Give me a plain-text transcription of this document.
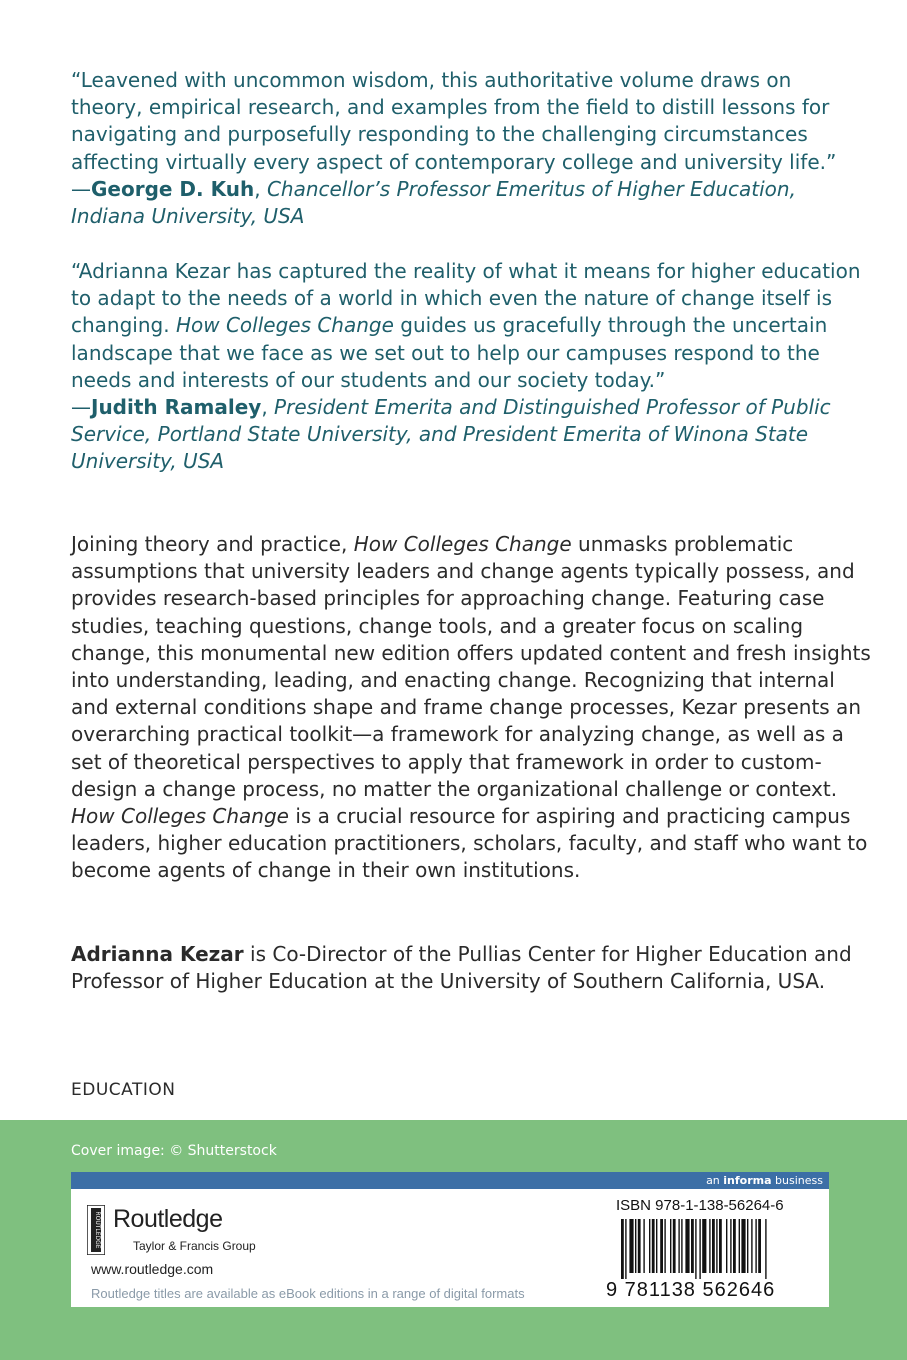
“Leavened with uncommon wisdom, this authoritative volume draws on theory, empirical research, and examples from the field to distill lessons for navigating and purposefully responding to the challenging circumstances affecting virtually every aspect of contemporary college and university life.”
—George D. Kuh, Chancellor’s Professor Emeritus of Higher Education, Indiana University, USA
“Adrianna Kezar has captured the reality of what it means for higher education to adapt to the needs of a world in which even the nature of change itself is changing. How Colleges Change guides us gracefully through the uncertain landscape that we face as we set out to help our campuses respond to the needs and interests of our students and our society today.”
—Judith Ramaley, President Emerita and Distinguished Professor of Public Service, Portland State University, and President Emerita of Winona State University, USA
Joining theory and practice, How Colleges Change unmasks problematic assumptions that university leaders and change agents typically possess, and provides research-based principles for approaching change. Featuring case studies, teaching questions, change tools, and a greater focus on scaling change, this monumental new edition offers updated content and fresh insights into understanding, leading, and enacting change. Recognizing that internal and external conditions shape and frame change processes, Kezar presents an overarching practical toolkit—a framework for analyzing change, as well as a set of theoretical perspectives to apply that framework in order to custom-design a change process, no matter the organizational challenge or context. How Colleges Change is a crucial resource for aspiring and practicing campus leaders, higher education practitioners, scholars, faculty, and staff who want to become agents of change in their own institutions.
Adrianna Kezar is Co-Director of the Pullias Center for Higher Education and Professor of Higher Education at the University of Southern California, USA.
EDUCATION
Cover image: © Shutterstock
an informa business
ROUTLEDGE Routledge
Taylor & Francis Group
www.routledge.com
Routledge titles are available as eBook editions in a range of digital formats
ISBN 978-1-138-56264-6
9 781138 562646
